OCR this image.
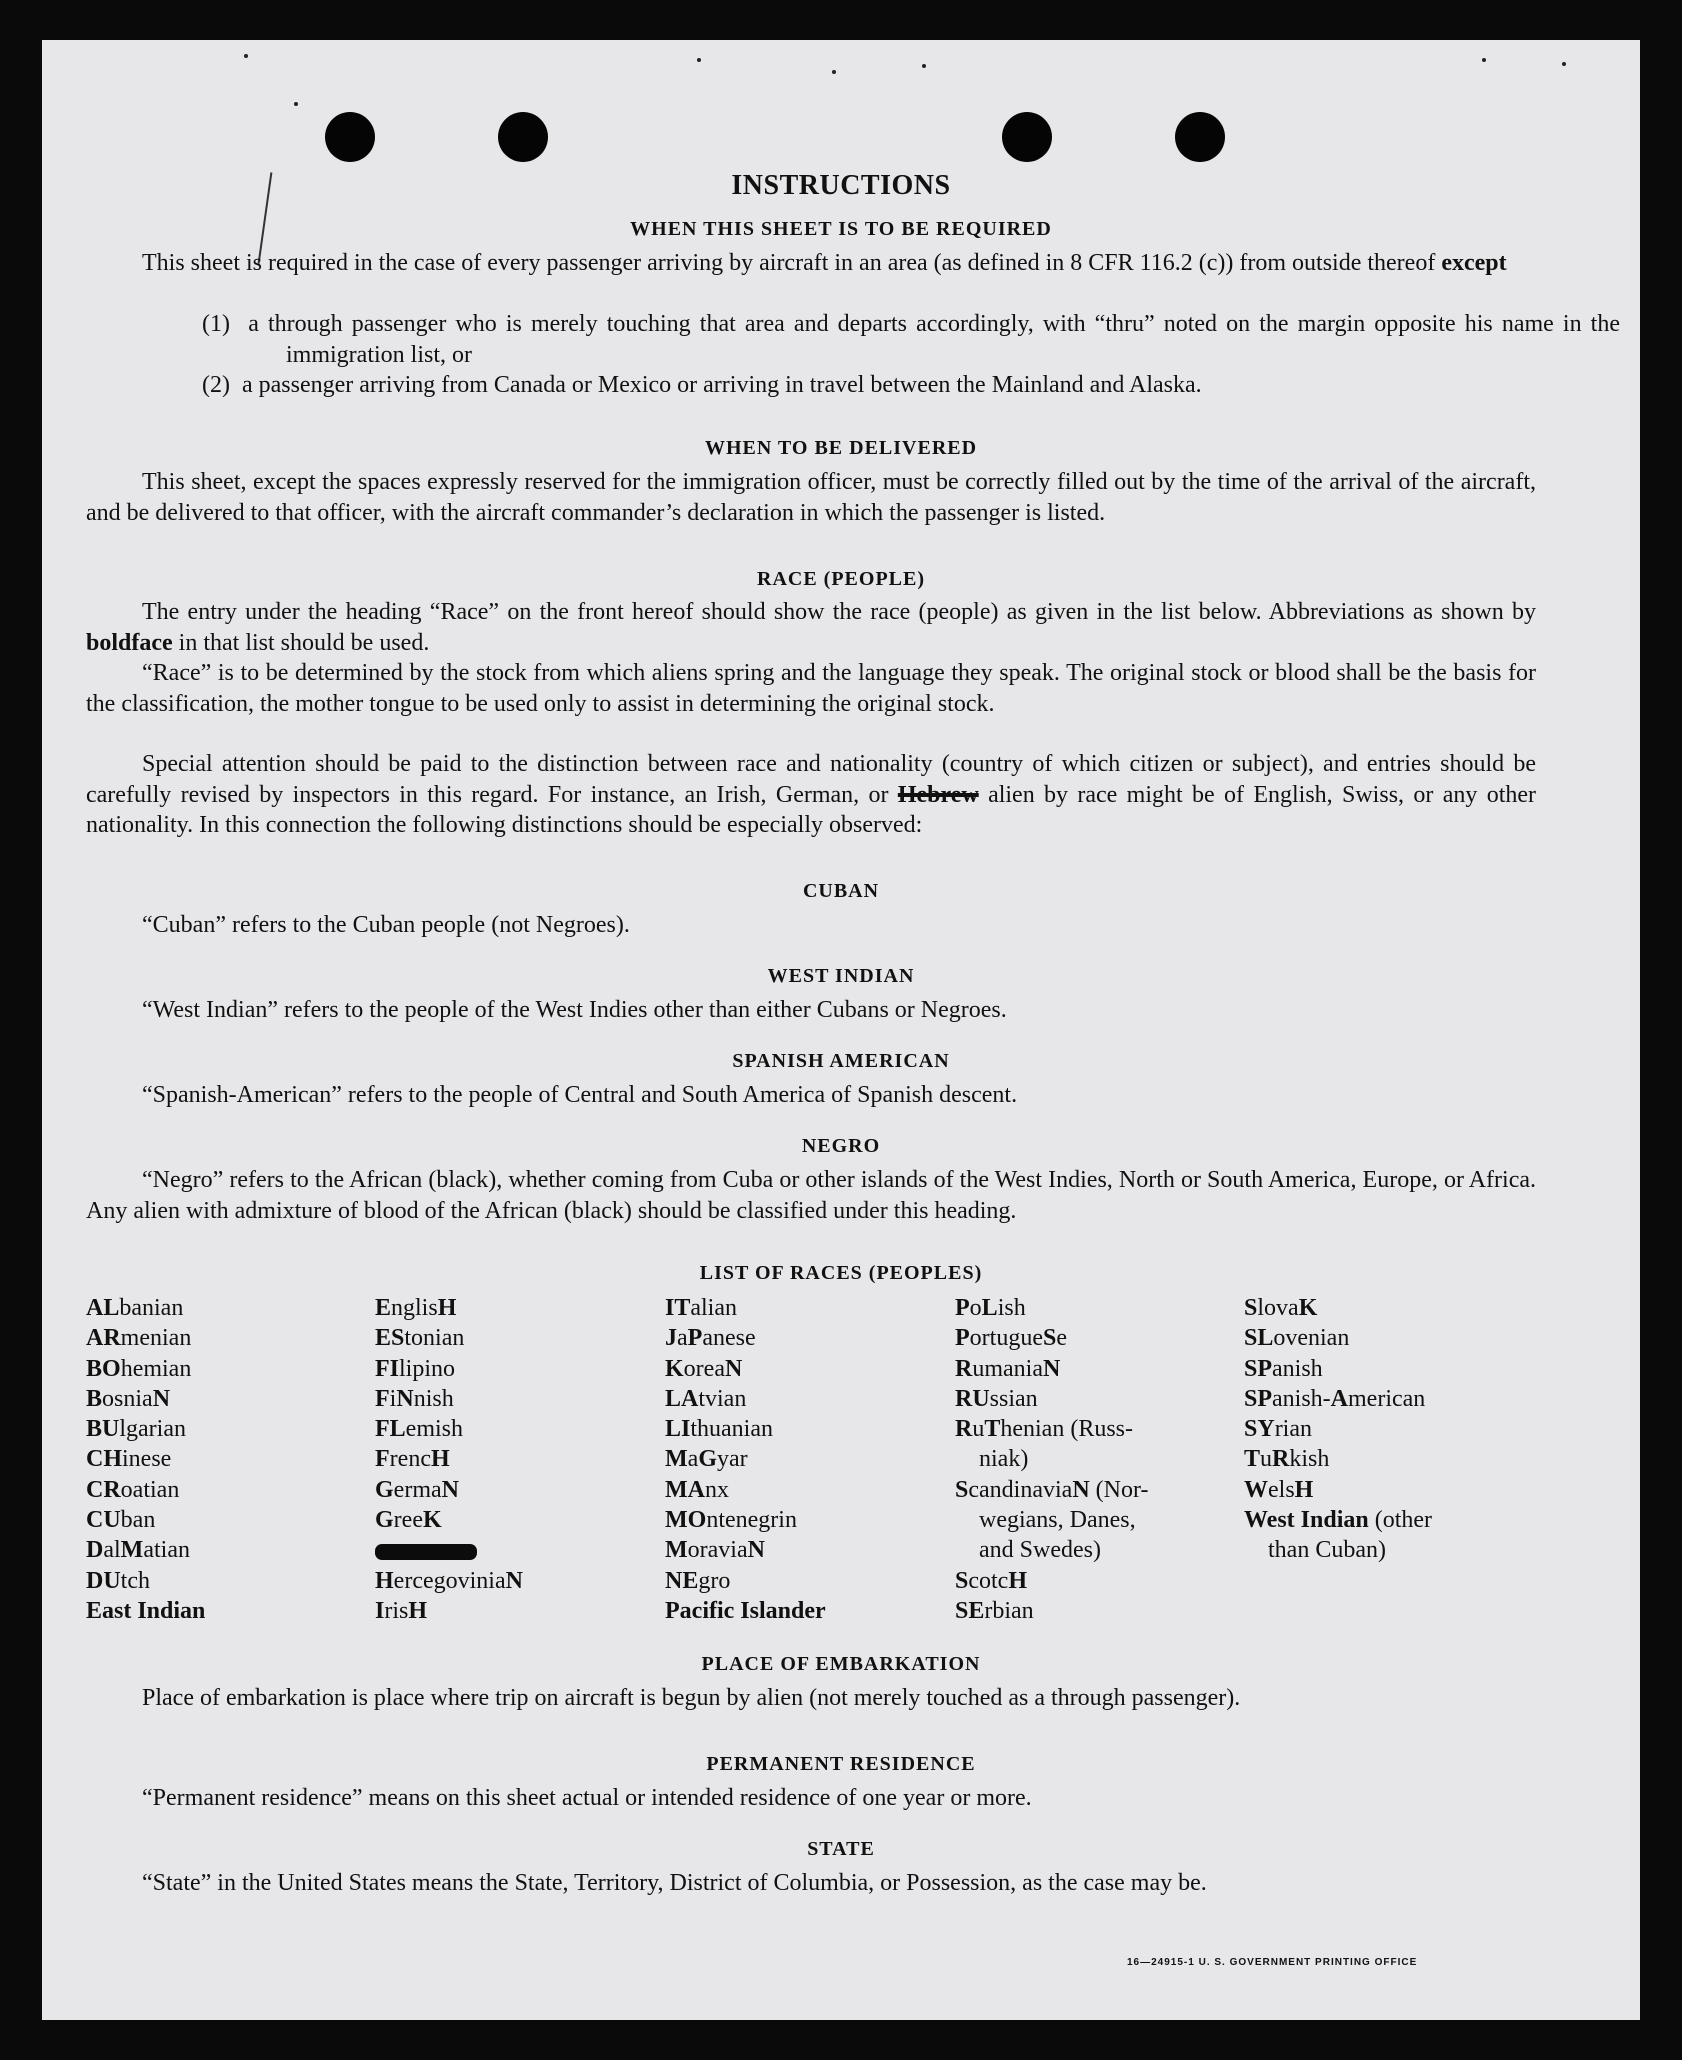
INSTRUCTIONS
WHEN THIS SHEET IS TO BE REQUIRED
This sheet is required in the case of every passenger arriving by aircraft in an area (as defined in 8 CFR 116.2 (c)) from outside thereof except
(1) a through passenger who is merely touching that area and departs accordingly, with “thru” noted on the margin opposite his name in the immigration list, or
(2) a passenger arriving from Canada or Mexico or arriving in travel between the Mainland and Alaska.
WHEN TO BE DELIVERED
This sheet, except the spaces expressly reserved for the immigration officer, must be correctly filled out by the time of the arrival of the aircraft, and be delivered to that officer, with the aircraft commander’s declaration in which the passenger is listed.
RACE (PEOPLE)
The entry under the heading “Race” on the front hereof should show the race (people) as given in the list below. Abbreviations as shown by boldface in that list should be used.
“Race” is to be determined by the stock from which aliens spring and the language they speak. The original stock or blood shall be the basis for the classification, the mother tongue to be used only to assist in determining the original stock.
Special attention should be paid to the distinction between race and nationality (country of which citizen or subject), and entries should be carefully revised by inspectors in this regard. For instance, an Irish, German, or Hebrew alien by race might be of English, Swiss, or any other nationality. In this connection the following distinctions should be especially observed:
CUBAN
“Cuban” refers to the Cuban people (not Negroes).
WEST INDIAN
“West Indian” refers to the people of the West Indies other than either Cubans or Negroes.
SPANISH AMERICAN
“Spanish-American” refers to the people of Central and South America of Spanish descent.
NEGRO
“Negro” refers to the African (black), whether coming from Cuba or other islands of the West Indies, North or South America, Europe, or Africa. Any alien with admixture of blood of the African (black) should be classified under this heading.
LIST OF RACES (PEOPLES)
ALbanian
ARmenian
BOhemian
BosniaN
BUlgarian
CHinese
CRoatian
CUban
DalMatian
DUtch
East Indian
EnglisH
EStonian
FIlipino
FiNnish
FLemish
FrencH
GermaN
GreeK
HercegoviniaN
IrisH
ITalian
JaPanese
KoreaN
LAtvian
LIthuanian
MaGyar
MAnx
MOntenegrin
MoraviaN
NEgro
Pacific Islander
PoLish
PortugueSe
RumaniaN
RUssian
RuThenian (Russ-
niak)
ScandinaviaN (Nor-
wegians, Danes,
and Swedes)
ScotcH
SErbian
SlovaK
SLovenian
SPanish
SPanish-American
SYrian
TuRkish
WelsH
West Indian (other
than Cuban)
PLACE OF EMBARKATION
Place of embarkation is place where trip on aircraft is begun by alien (not merely touched as a through passenger).
PERMANENT RESIDENCE
“Permanent residence” means on this sheet actual or intended residence of one year or more.
STATE
“State” in the United States means the State, Territory, District of Columbia, or Possession, as the case may be.
16—24915-1 U. S. GOVERNMENT PRINTING OFFICE
